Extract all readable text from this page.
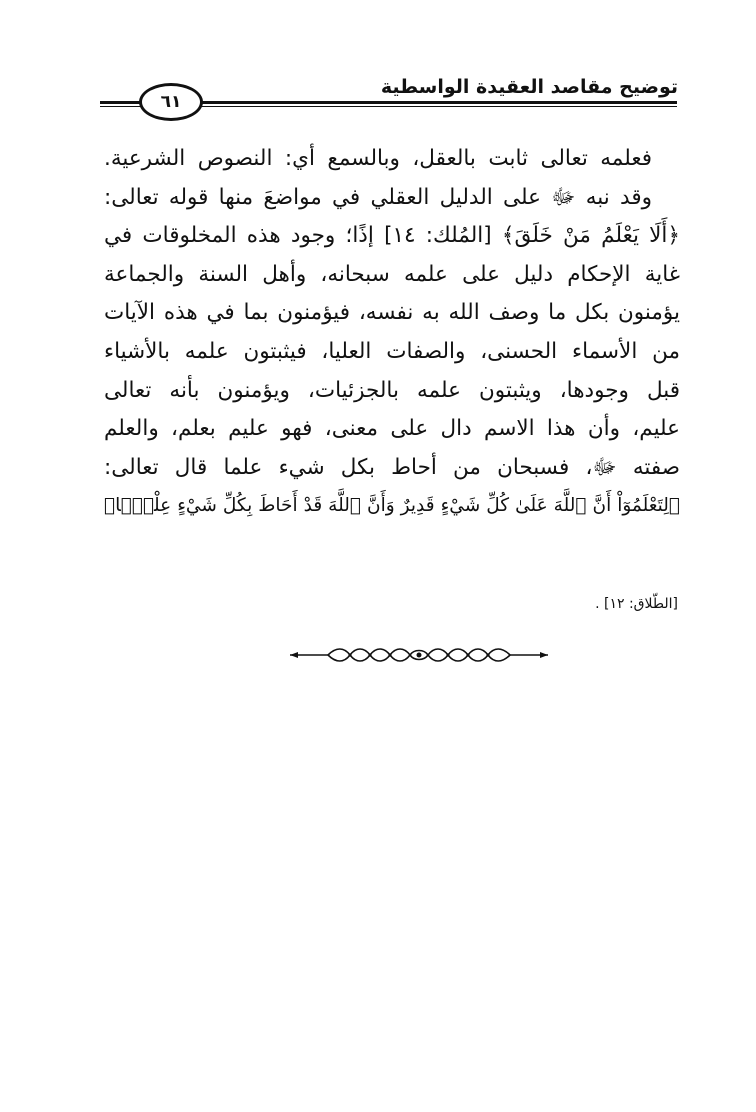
توضيح مقاصد العقيدة الواسطية
٦١
فعلمه تعالى ثابت بالعقل، وبالسمع أي: النصوص الشرعية.
وقد نبه ﷻ على الدليل العقلي في مواضعَ منها قوله تعالى:
﴿أَلَا يَعْلَمُ مَنْ خَلَقَ﴾ [المُلك: ١٤] إذًا؛ وجود هذه المخلوقات في
غاية الإحكام دليل على علمه سبحانه، وأهل السنة والجماعة
يؤمنون بكل ما وصف الله به نفسه، فيؤمنون بما في هذه الآيات
من الأسماء الحسنى، والصفات العليا، فيثبتون علمه بالأشياء
قبل وجودها، ويثبتون علمه بالجزئيات، ويؤمنون بأنه تعالى
عليم، وأن هذا الاسم دال على معنى، فهو عليم بعلم، والعلم
صفته ﷻ، فسبحان من أحاط بكل شيء علما قال تعالى:
﴿لِتَعْلَمُوٓاْ أَنَّ ٱللَّهَ عَلَىٰ كُلِّ شَيْءٍ قَدِيرٌ وَأَنَّ ٱللَّهَ قَدْ أَحَاطَ بِكُلِّ شَيْءٍ عِلْمَۢا﴾
[الطّلاق: ١٢] .
